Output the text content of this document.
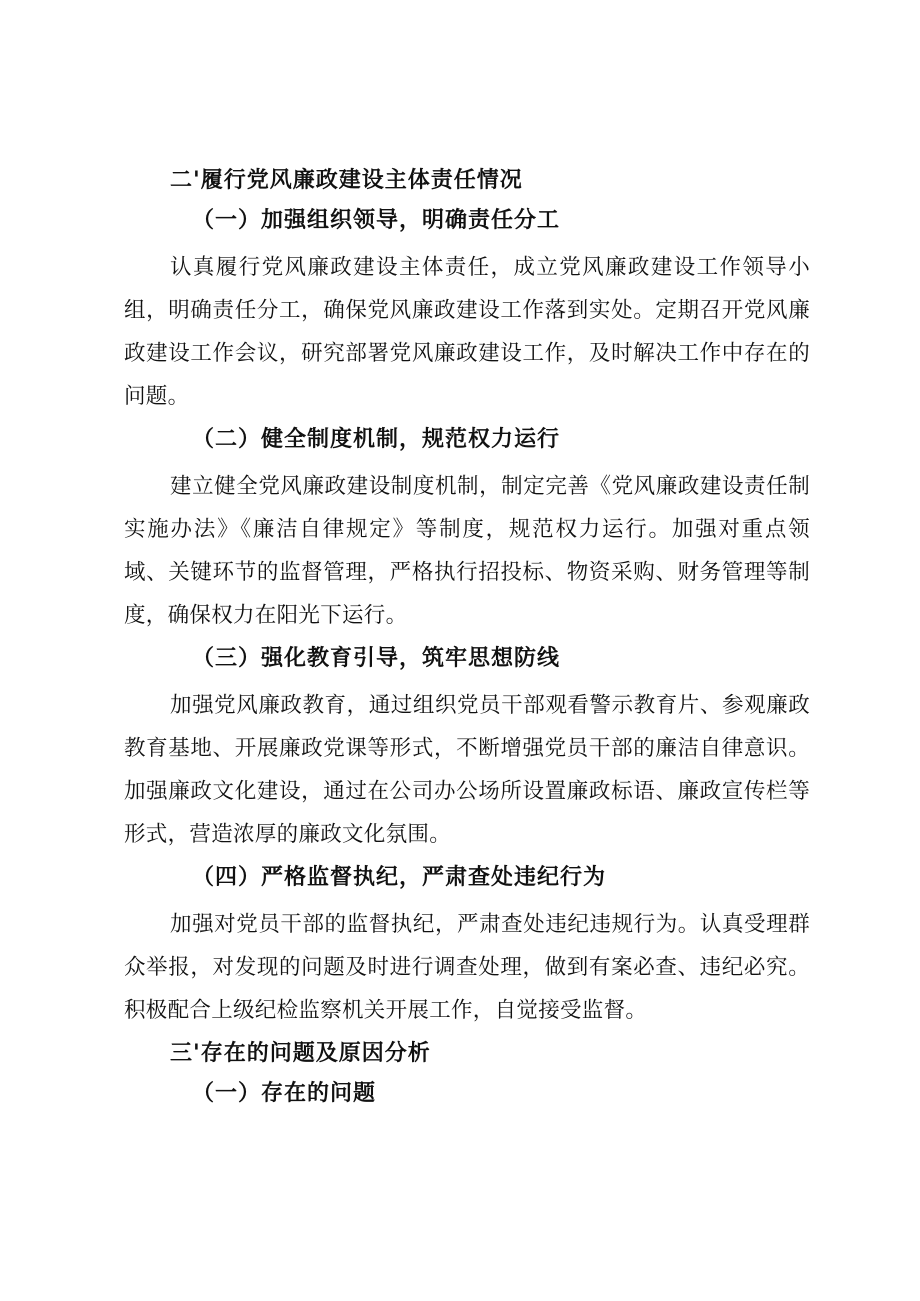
二'履行党风廉政建设主体责任情况
（一）加强组织领导，明确责任分工

认真履行党风廉政建设主体责任，成立党风廉政建设工作领导小组，明确责任分工，确保党风廉政建设工作落到实处。定期召开党风廉政建设工作会议，研究部署党风廉政建设工作，及时解决工作中存在的问题。

（二）健全制度机制，规范权力运行

建立健全党风廉政建设制度机制，制定完善《党风廉政建设责任制实施办法》《廉洁自律规定》等制度，规范权力运行。加强对重点领域、关键环节的监督管理，严格执行招投标、物资采购、财务管理等制度，确保权力在阳光下运行。

（三）强化教育引导，筑牢思想防线

加强党风廉政教育，通过组织党员干部观看警示教育片、参观廉政教育基地、开展廉政党课等形式，不断增强党员干部的廉洁自律意识。加强廉政文化建设，通过在公司办公场所设置廉政标语、廉政宣传栏等形式，营造浓厚的廉政文化氛围。

（四）严格监督执纪，严肃查处违纪行为

加强对党员干部的监督执纪，严肃查处违纪违规行为。认真受理群众举报，对发现的问题及时进行调查处理，做到有案必查、违纪必究。积极配合上级纪检监察机关开展工作，自觉接受监督。

三'存在的问题及原因分析
（一）存在的问题
